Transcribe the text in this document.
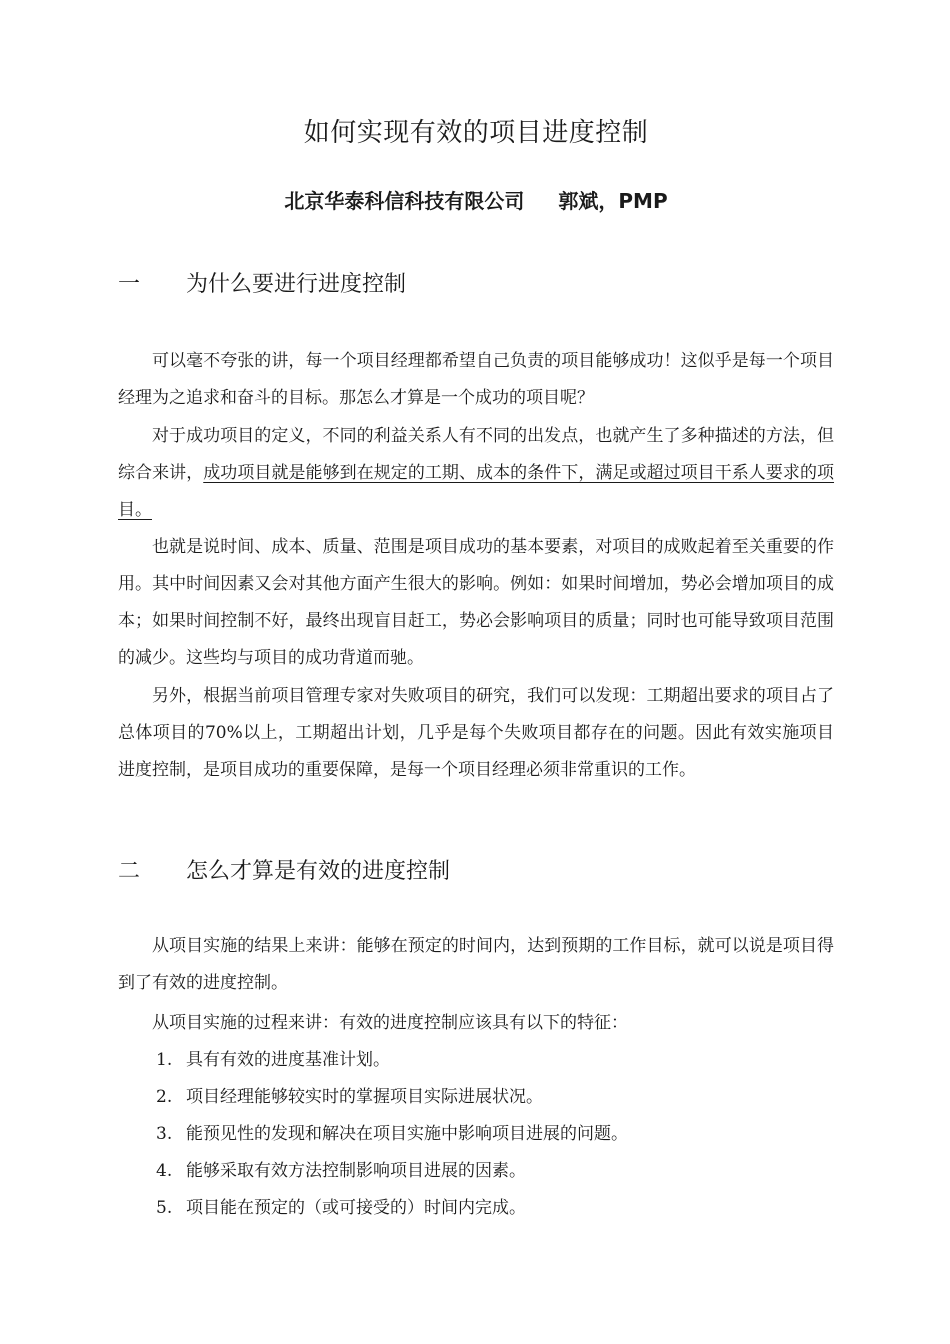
如何实现有效的项目进度控制
北京华泰科信科技有限公司 郭斌，PMP
一 为什么要进行进度控制

可以毫不夸张的讲，每一个项目经理都希望自己负责的项目能够成功！这似乎是每一个项目经理为之追求和奋斗的目标。那怎么才算是一个成功的项目呢？

对于成功项目的定义，不同的利益关系人有不同的出发点，也就产生了多种描述的方法，但综合来讲，成功项目就是能够到在规定的工期、成本的条件下，满足或超过项目干系人要求的项目。

也就是说时间、成本、质量、范围是项目成功的基本要素，对项目的成败起着至关重要的作用。其中时间因素又会对其他方面产生很大的影响。例如：如果时间增加，势必会增加项目的成本；如果时间控制不好，最终出现盲目赶工，势必会影响项目的质量；同时也可能导致项目范围的减少。这些均与项目的成功背道而驰。

另外，根据当前项目管理专家对失败项目的研究，我们可以发现：工期超出要求的项目占了总体项目的70%以上，工期超出计划，几乎是每个失败项目都存在的问题。因此有效实施项目进度控制，是项目成功的重要保障，是每一个项目经理必须非常重识的工作。

二 怎么才算是有效的进度控制

从项目实施的结果上来讲：能够在预定的时间内，达到预期的工作目标，就可以说是项目得到了有效的进度控制。

从项目实施的过程来讲：有效的进度控制应该具有以下的特征：

1. 具有有效的进度基准计划。
2. 项目经理能够较实时的掌握项目实际进展状况。
3. 能预见性的发现和解决在项目实施中影响项目进展的问题。
4. 能够采取有效方法控制影响项目进展的因素。
5. 项目能在预定的（或可接受的）时间内完成。
